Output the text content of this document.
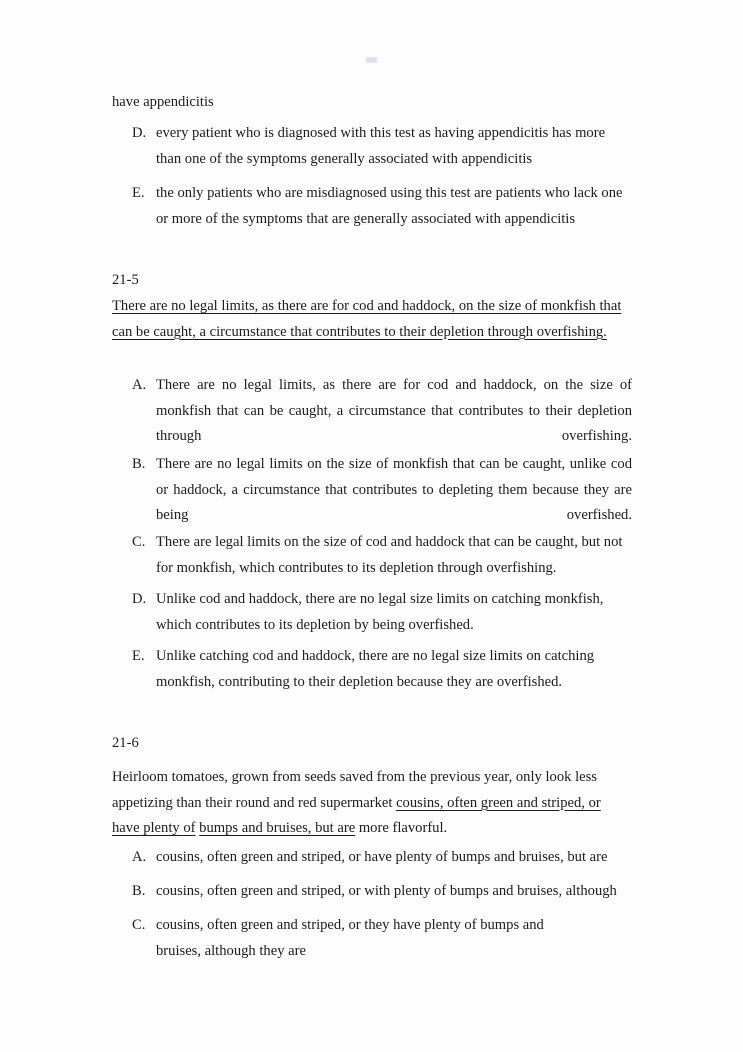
have appendicitis
D. every patient who is diagnosed with this test as having appendicitis has more than one of the symptoms generally associated with appendicitis
E. the only patients who are misdiagnosed using this test are patients who lack one or more of the symptoms that are generally associated with appendicitis
21-5
There are no legal limits, as there are for cod and haddock, on the size of monkfish that can be caught, a circumstance that contributes to their depletion through overfishing.
A. There are no legal limits, as there are for cod and haddock, on the size of monkfish that can be caught, a circumstance that contributes to their depletion through overfishing.
B. There are no legal limits on the size of monkfish that can be caught, unlike cod or haddock, a circumstance that contributes to depleting them because they are being overfished.
C. There are legal limits on the size of cod and haddock that can be caught, but not for monkfish, which contributes to its depletion through overfishing.
D. Unlike cod and haddock, there are no legal size limits on catching monkfish, which contributes to its depletion by being overfished.
E. Unlike catching cod and haddock, there are no legal size limits on catching monkfish, contributing to their depletion because they are overfished.
21-6
Heirloom tomatoes, grown from seeds saved from the previous year, only look less appetizing than their round and red supermarket cousins, often green and striped, or have plenty of bumps and bruises, but are more flavorful.
A. cousins, often green and striped, or have plenty of bumps and bruises, but are
B. cousins, often green and striped, or with plenty of bumps and bruises, although
C. cousins, often green and striped, or they have plenty of bumps and bruises, although they are
